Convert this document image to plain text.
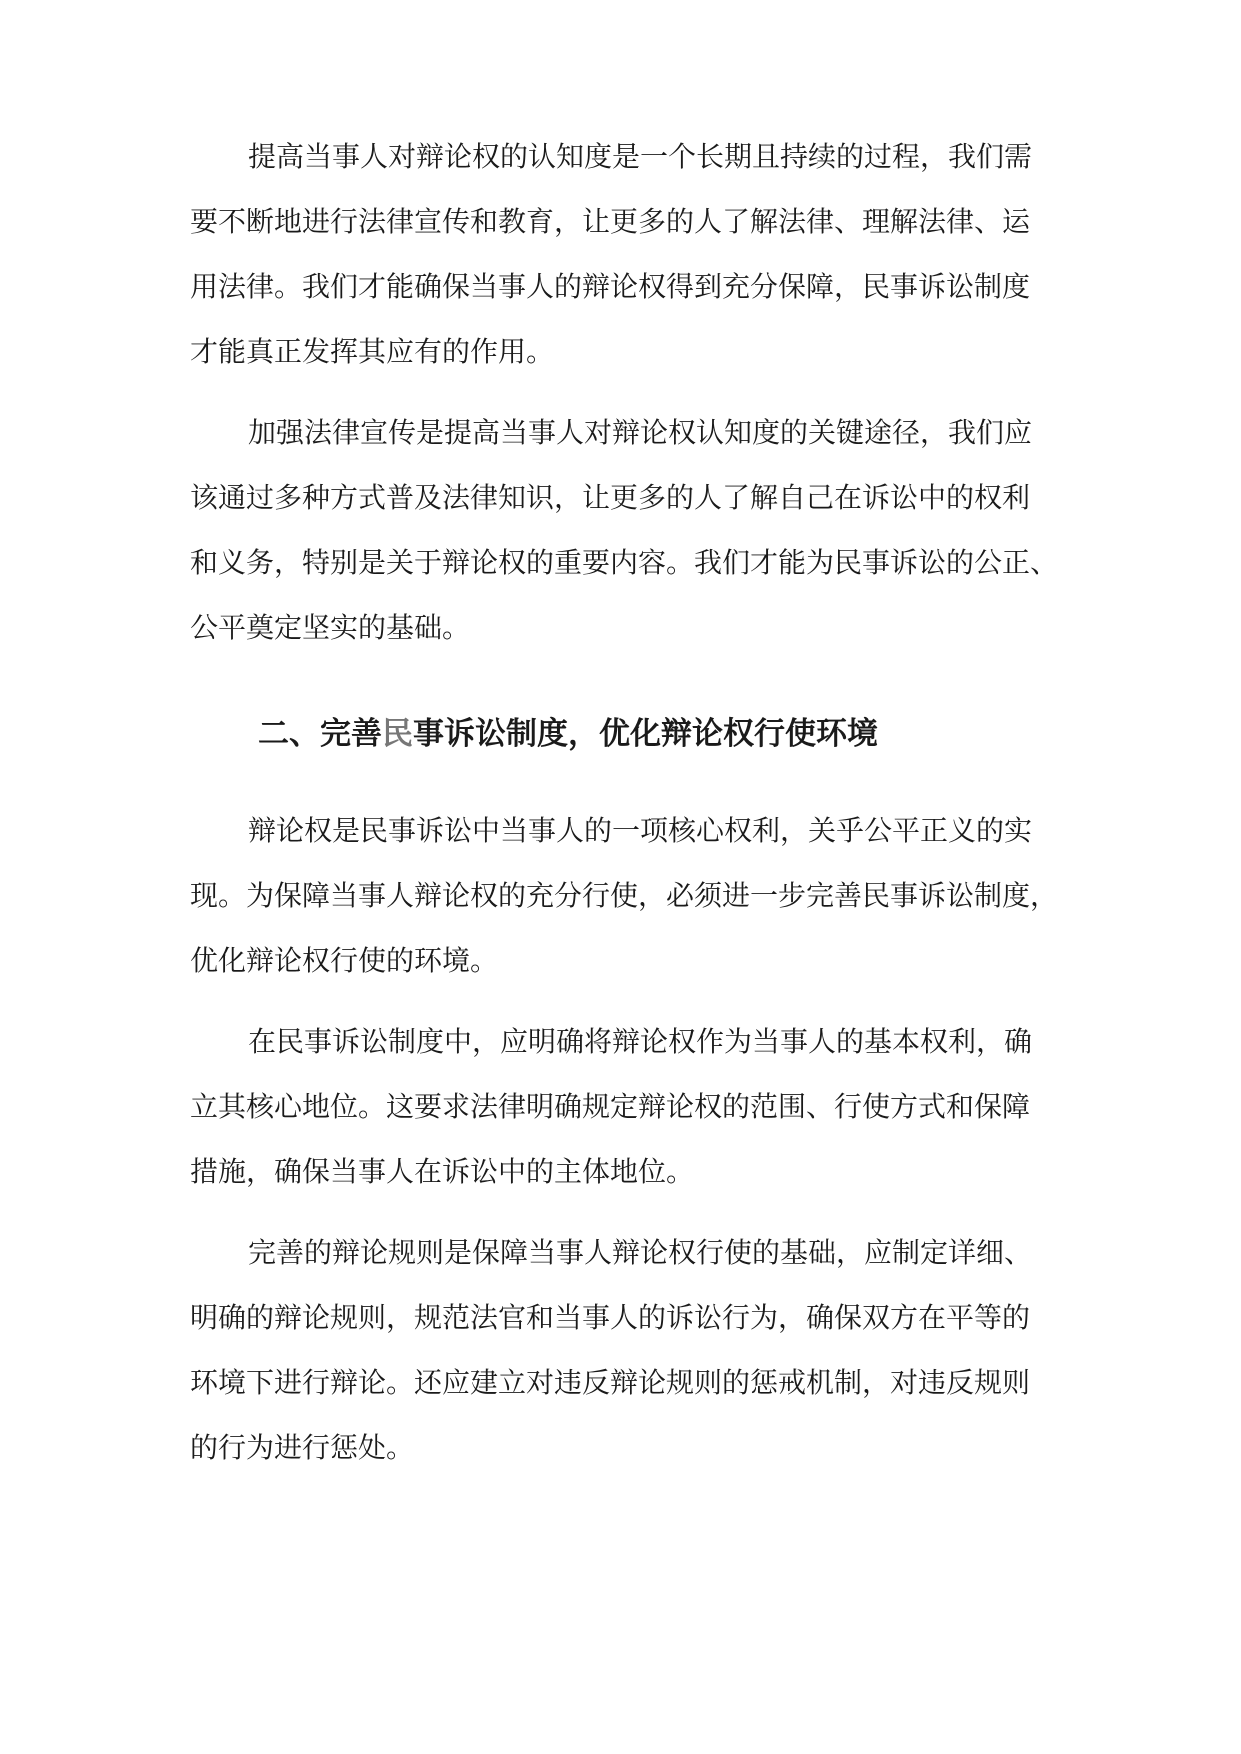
提高当事人对辩论权的认知度是一个长期且持续的过程，我们需

要不断地进行法律宣传和教育，让更多的人了解法律、理解法律、运

用法律。我们才能确保当事人的辩论权得到充分保障，民事诉讼制度

才能真正发挥其应有的作用。

加强法律宣传是提高当事人对辩论权认知度的关键途径，我们应

该通过多种方式普及法律知识，让更多的人了解自己在诉讼中的权利

和义务，特别是关于辩论权的重要内容。我们才能为民事诉讼的公正、

公平奠定坚实的基础。

二、完善民事诉讼制度，优化辩论权行使环境

辩论权是民事诉讼中当事人的一项核心权利，关乎公平正义的实

现。为保障当事人辩论权的充分行使，必须进一步完善民事诉讼制度，

优化辩论权行使的环境。

在民事诉讼制度中，应明确将辩论权作为当事人的基本权利，确

立其核心地位。这要求法律明确规定辩论权的范围、行使方式和保障

措施，确保当事人在诉讼中的主体地位。

完善的辩论规则是保障当事人辩论权行使的基础，应制定详细、

明确的辩论规则，规范法官和当事人的诉讼行为，确保双方在平等的

环境下进行辩论。还应建立对违反辩论规则的惩戒机制，对违反规则

的行为进行惩处。
